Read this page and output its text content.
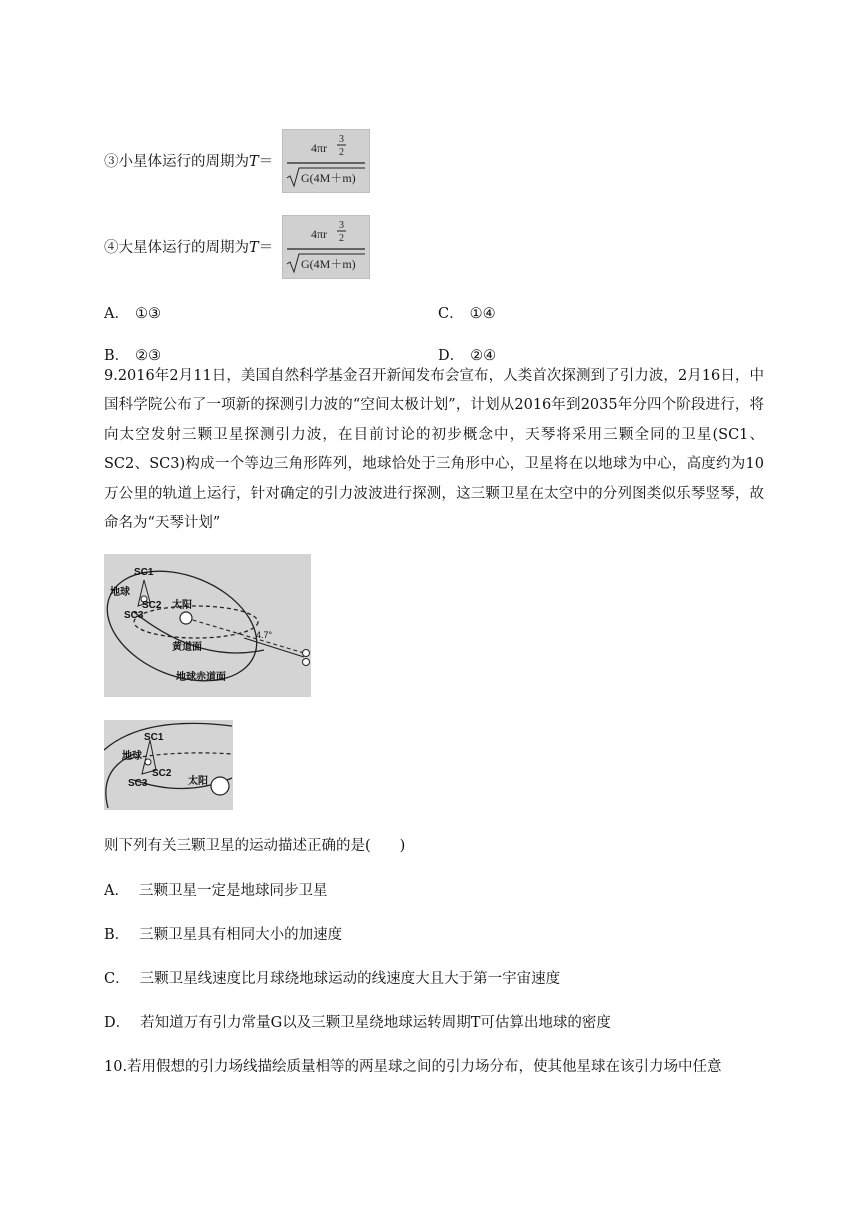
③小星体运行的周期为T＝
4πr
3
2
G(4M＋m)
④大星体运行的周期为T＝
4πr
3
2
G(4M＋m)
A． ①③	C． ①④
B． ②③	D． ②④
9.2016年2月11日，美国自然科学基金召开新闻发布会宣布，人类首次探测到了引力波，2月16日，中国科学院公布了一项新的探测引力波的“空间太极计划”，计划从2016年到2035年分四个阶段进行，将向太空发射三颗卫星探测引力波，在目前讨论的初步概念中，天琴将采用三颗全同的卫星(SC1、SC2、SC3)构成一个等边三角形阵列，地球恰处于三角形中心，卫星将在以地球为中心，高度约为10万公里的轨道上运行，针对确定的引力波波进行探测，这三颗卫星在太空中的分列图类似乐琴竖琴，故命名为“天琴计划”
SC1
SC2
SC3
地球
太阳
4.7°
黄道面
地球赤道面
SC1
SC2
SC3
地球
太阳
则下列有关三颗卫星的运动描述正确的是(　　)
A． 三颗卫星一定是地球同步卫星
B． 三颗卫星具有相同大小的加速度
C． 三颗卫星线速度比月球绕地球运动的线速度大且大于第一宇宙速度
D． 若知道万有引力常量G以及三颗卫星绕地球运转周期T可估算出地球的密度
10.若用假想的引力场线描绘质量相等的两星球之间的引力场分布，使其他星球在该引力场中任意
